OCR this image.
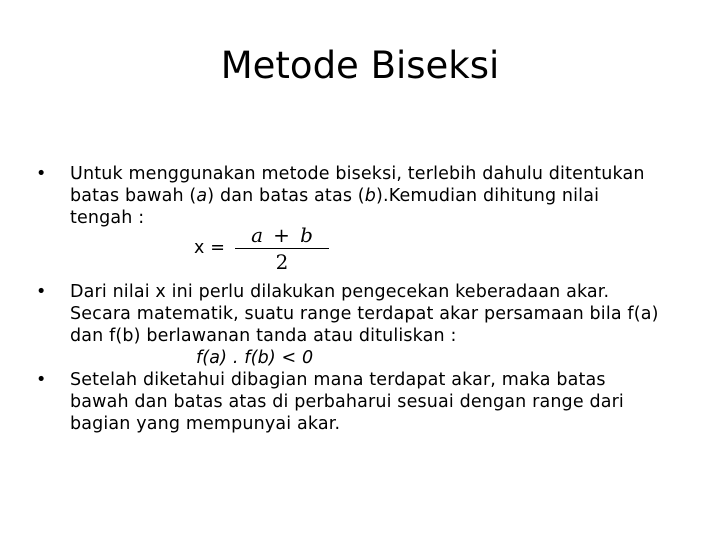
Metode Biseksi
• Untuk menggunakan metode biseksi, terlebih dahulu ditentukan
batas bawah (a) dan batas atas (b).Kemudian dihitung nilai
tengah :
$x = \frac{a + b}{2}$
• Dari nilai x ini perlu dilakukan pengecekan keberadaan akar.
Secara matematik, suatu range terdapat akar persamaan bila f(a)
dan f(b) berlawanan tanda atau dituliskan :
f(a) . f(b) < 0
• Setelah diketahui dibagian mana terdapat akar, maka batas
bawah dan batas atas di perbaharui sesuai dengan range dari
bagian yang mempunyai akar.
